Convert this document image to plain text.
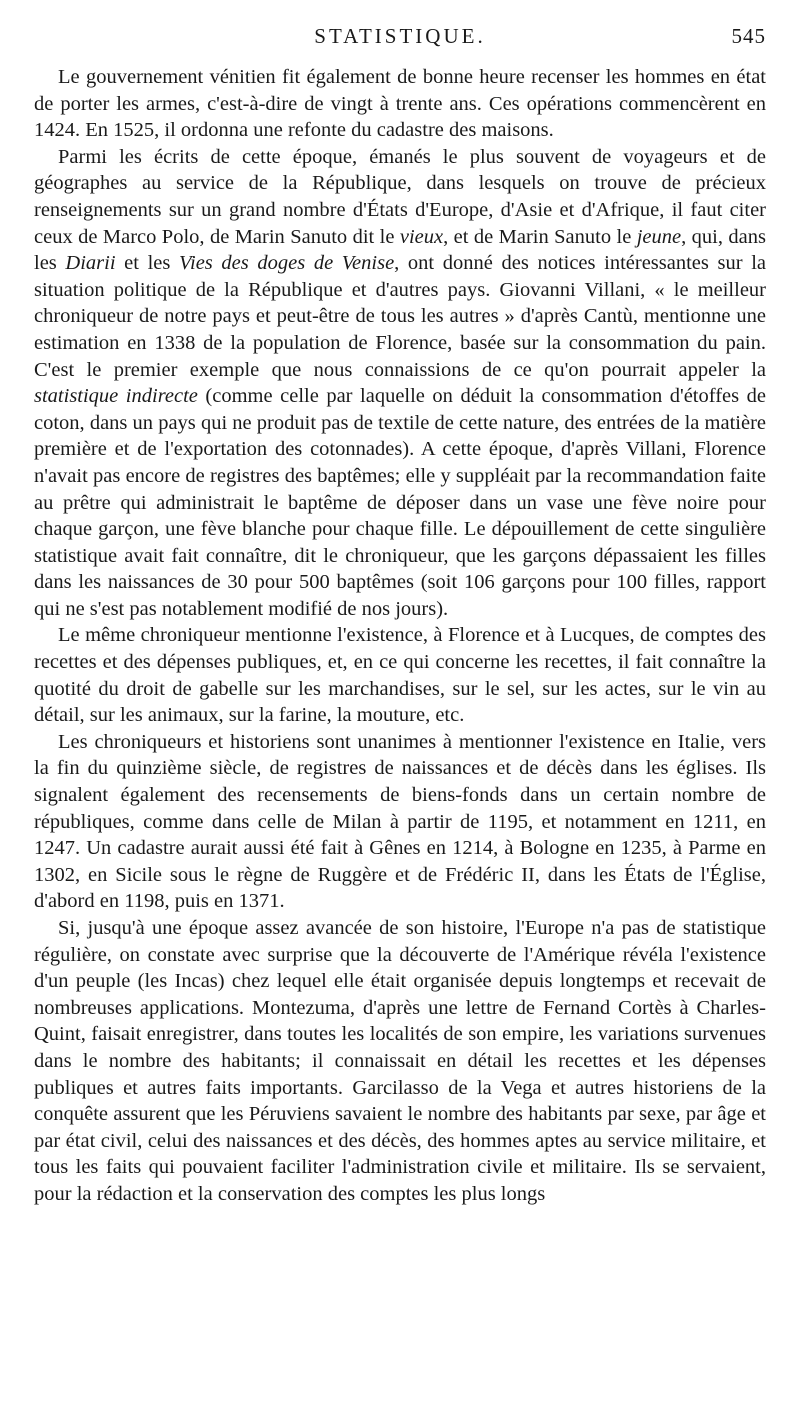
STATISTIQUE.	545

Le gouvernement vénitien fit également de bonne heure recenser les hommes en état de porter les armes, c'est-à-dire de vingt à trente ans. Ces opérations commencèrent en 1424. En 1525, il ordonna une refonte du cadastre des maisons.

Parmi les écrits de cette époque, émanés le plus souvent de voyageurs et de géographes au service de la République, dans lesquels on trouve de précieux renseignements sur un grand nombre d'États d'Europe, d'Asie et d'Afrique, il faut citer ceux de Marco Polo, de Marin Sanuto dit le vieux, et de Marin Sanuto le jeune, qui, dans les Diarii et les Vies des doges de Venise, ont donné des notices intéressantes sur la situation politique de la République et d'autres pays. Giovanni Villani, « le meilleur chroniqueur de notre pays et peut-être de tous les autres » d'après Cantù, mentionne une estimation en 1338 de la population de Florence, basée sur la consommation du pain. C'est le premier exemple que nous connaissions de ce qu'on pourrait appeler la statistique indirecte (comme celle par laquelle on déduit la consommation d'étoffes de coton, dans un pays qui ne produit pas de textile de cette nature, des entrées de la matière première et de l'exportation des cotonnades). A cette époque, d'après Villani, Florence n'avait pas encore de registres des baptêmes; elle y suppléait par la recommandation faite au prêtre qui administrait le baptême de déposer dans un vase une fève noire pour chaque garçon, une fève blanche pour chaque fille. Le dépouillement de cette singulière statistique avait fait connaître, dit le chroniqueur, que les garçons dépassaient les filles dans les naissances de 30 pour 500 baptêmes (soit 106 garçons pour 100 filles, rapport qui ne s'est pas notablement modifié de nos jours).

Le même chroniqueur mentionne l'existence, à Florence et à Lucques, de comptes des recettes et des dépenses publiques, et, en ce qui concerne les recettes, il fait connaître la quotité du droit de gabelle sur les marchandises, sur le sel, sur les actes, sur le vin au détail, sur les animaux, sur la farine, la mouture, etc.

Les chroniqueurs et historiens sont unanimes à mentionner l'existence en Italie, vers la fin du quinzième siècle, de registres de naissances et de décès dans les églises. Ils signalent également des recensements de biens-fonds dans un certain nombre de républiques, comme dans celle de Milan à partir de 1195, et notamment en 1211, en 1247. Un cadastre aurait aussi été fait à Gênes en 1214, à Bologne en 1235, à Parme en 1302, en Sicile sous le règne de Ruggère et de Frédéric II, dans les États de l'Église, d'abord en 1198, puis en 1371.

Si, jusqu'à une époque assez avancée de son histoire, l'Europe n'a pas de statistique régulière, on constate avec surprise que la découverte de l'Amérique révéla l'existence d'un peuple (les Incas) chez lequel elle était organisée depuis longtemps et recevait de nombreuses applications. Montezuma, d'après une lettre de Fernand Cortès à Charles-Quint, faisait enregistrer, dans toutes les localités de son empire, les variations survenues dans le nombre des habitants; il connaissait en détail les recettes et les dépenses publiques et autres faits importants. Garcilasso de la Vega et autres historiens de la conquête assurent que les Péruviens savaient le nombre des habitants par sexe, par âge et par état civil, celui des naissances et des décès, des hommes aptes au service militaire, et tous les faits qui pouvaient faciliter l'administration civile et militaire. Ils se servaient, pour la rédaction et la conservation des comptes les plus longs
